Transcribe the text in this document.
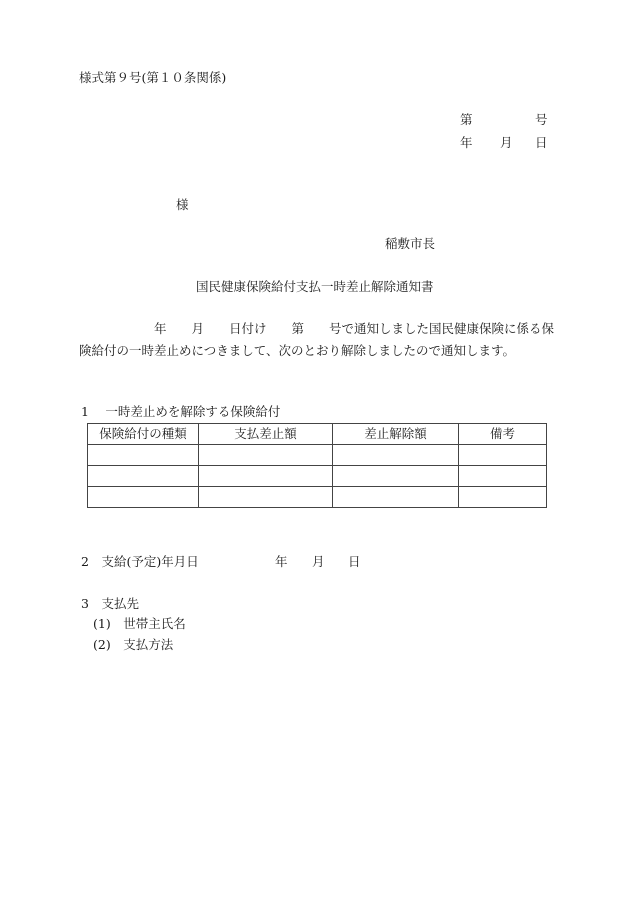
様式第９号(第１０条関係)
第	号
年 月 日
様
稲敷市長
国民健康保険給付支払一時差止解除通知書
　　　　　　年　　月　　日付け　　第　　号で通知しました国民健康保険に係る保
険給付の一時差止めにつきまして、次のとおり解除しましたので通知します。
1　 一時差止めを解除する保険給付
保険給付の種類	支払差止額	差止解除額	備考

2　支給(予定)年月日	年 月 日
3　支払先
(1)　世帯主氏名
(2)　支払方法
